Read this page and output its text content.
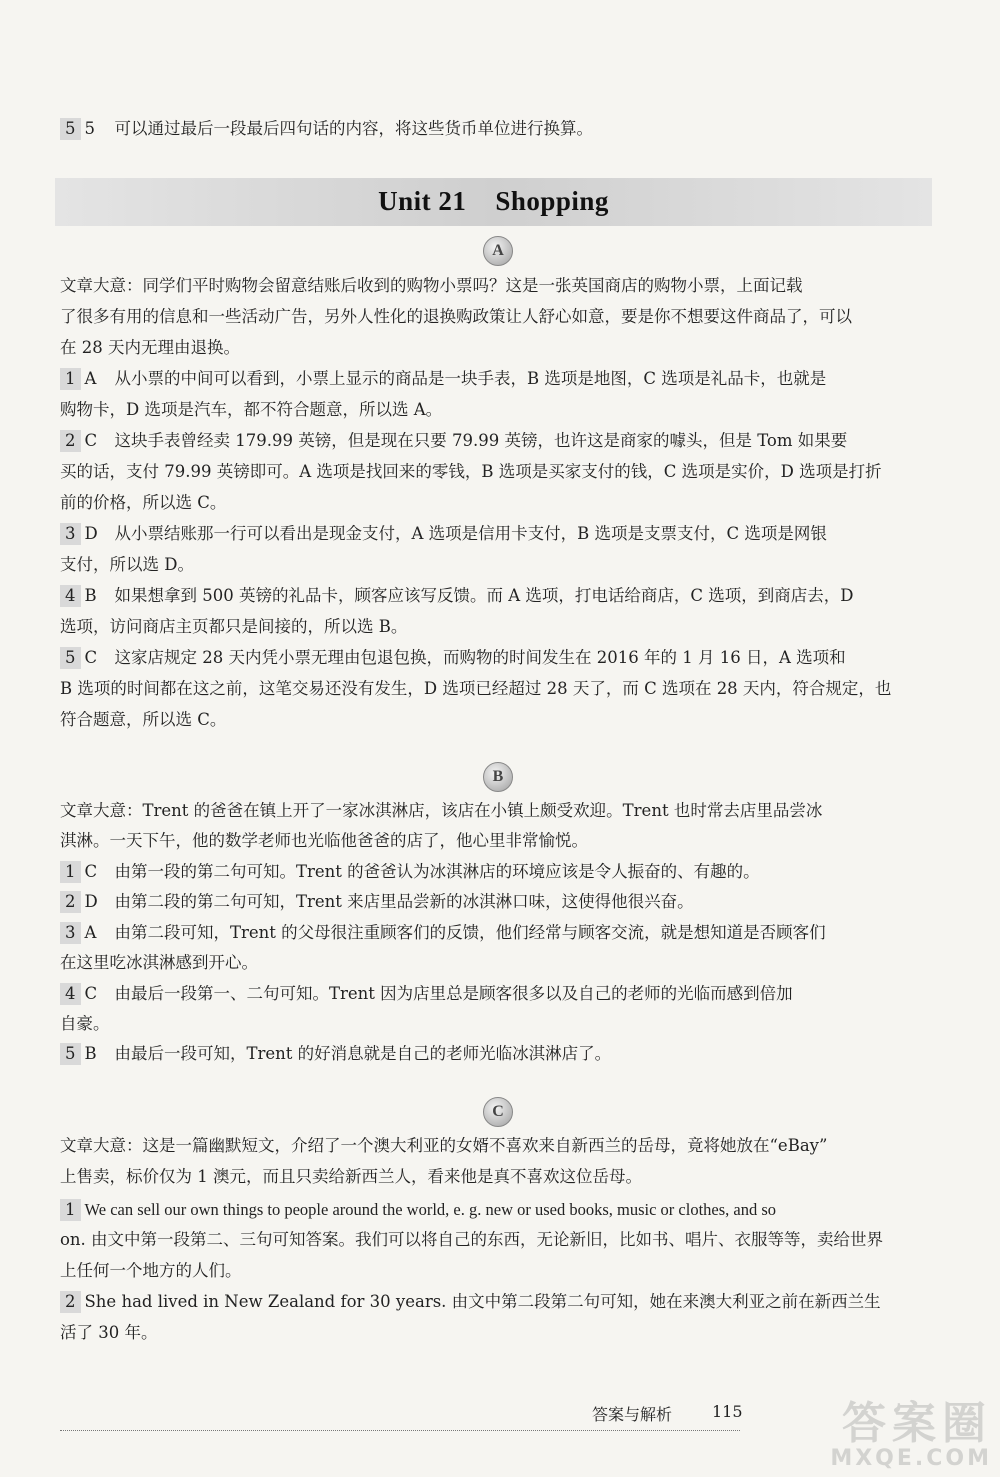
5 5 可以通过最后一段最后四句话的内容，将这些货币单位进行换算。
Unit 21    Shopping
A
文章大意：同学们平时购物会留意结账后收到的购物小票吗？这是一张英国商店的购物小票，上面记载
了很多有用的信息和一些活动广告，另外人性化的退换购政策让人舒心如意，要是你不想要这件商品了，可以
在 28 天内无理由退换。
1 A 从小票的中间可以看到，小票上显示的商品是一块手表，B 选项是地图，C 选项是礼品卡，也就是
购物卡，D 选项是汽车，都不符合题意，所以选 A。
2 C 这块手表曾经卖 179.99 英镑，但是现在只要 79.99 英镑，也许这是商家的噱头，但是 Tom 如果要
买的话，支付 79.99 英镑即可。A 选项是找回来的零钱，B 选项是买家支付的钱，C 选项是实价，D 选项是打折
前的价格，所以选 C。
3 D 从小票结账那一行可以看出是现金支付，A 选项是信用卡支付，B 选项是支票支付，C 选项是网银
支付，所以选 D。
4 B 如果想拿到 500 英镑的礼品卡，顾客应该写反馈。而 A 选项，打电话给商店，C 选项，到商店去，D
选项，访问商店主页都只是间接的，所以选 B。
5 C 这家店规定 28 天内凭小票无理由包退包换，而购物的时间发生在 2016 年的 1 月 16 日，A 选项和
B 选项的时间都在这之前，这笔交易还没有发生，D 选项已经超过 28 天了，而 C 选项在 28 天内，符合规定，也
符合题意，所以选 C。
B
文章大意：Trent 的爸爸在镇上开了一家冰淇淋店，该店在小镇上颇受欢迎。Trent 也时常去店里品尝冰
淇淋。一天下午，他的数学老师也光临他爸爸的店了，他心里非常愉悦。
1 C 由第一段的第二句可知。Trent 的爸爸认为冰淇淋店的环境应该是令人振奋的、有趣的。
2 D 由第二段的第二句可知，Trent 来店里品尝新的冰淇淋口味，这使得他很兴奋。
3 A 由第二段可知，Trent 的父母很注重顾客们的反馈，他们经常与顾客交流，就是想知道是否顾客们
在这里吃冰淇淋感到开心。
4 C 由最后一段第一、二句可知。Trent 因为店里总是顾客很多以及自己的老师的光临而感到倍加
自豪。
5 B 由最后一段可知，Trent 的好消息就是自己的老师光临冰淇淋店了。
C
文章大意：这是一篇幽默短文，介绍了一个澳大利亚的女婿不喜欢来自新西兰的岳母，竟将她放在“eBay”
上售卖，标价仅为 1 澳元，而且只卖给新西兰人，看来他是真不喜欢这位岳母。
1 We can sell our own things to people around the world, e. g. new or used books, music or clothes, and so
on. 由文中第一段第二、三句可知答案。我们可以将自己的东西，无论新旧，比如书、唱片、衣服等等，卖给世界
上任何一个地方的人们。
2 She had lived in New Zealand for 30 years. 由文中第二段第二句可知，她在来澳大利亚之前在新西兰生
活了 30 年。
答案与解析 115	答案圈
MXQE.COM
